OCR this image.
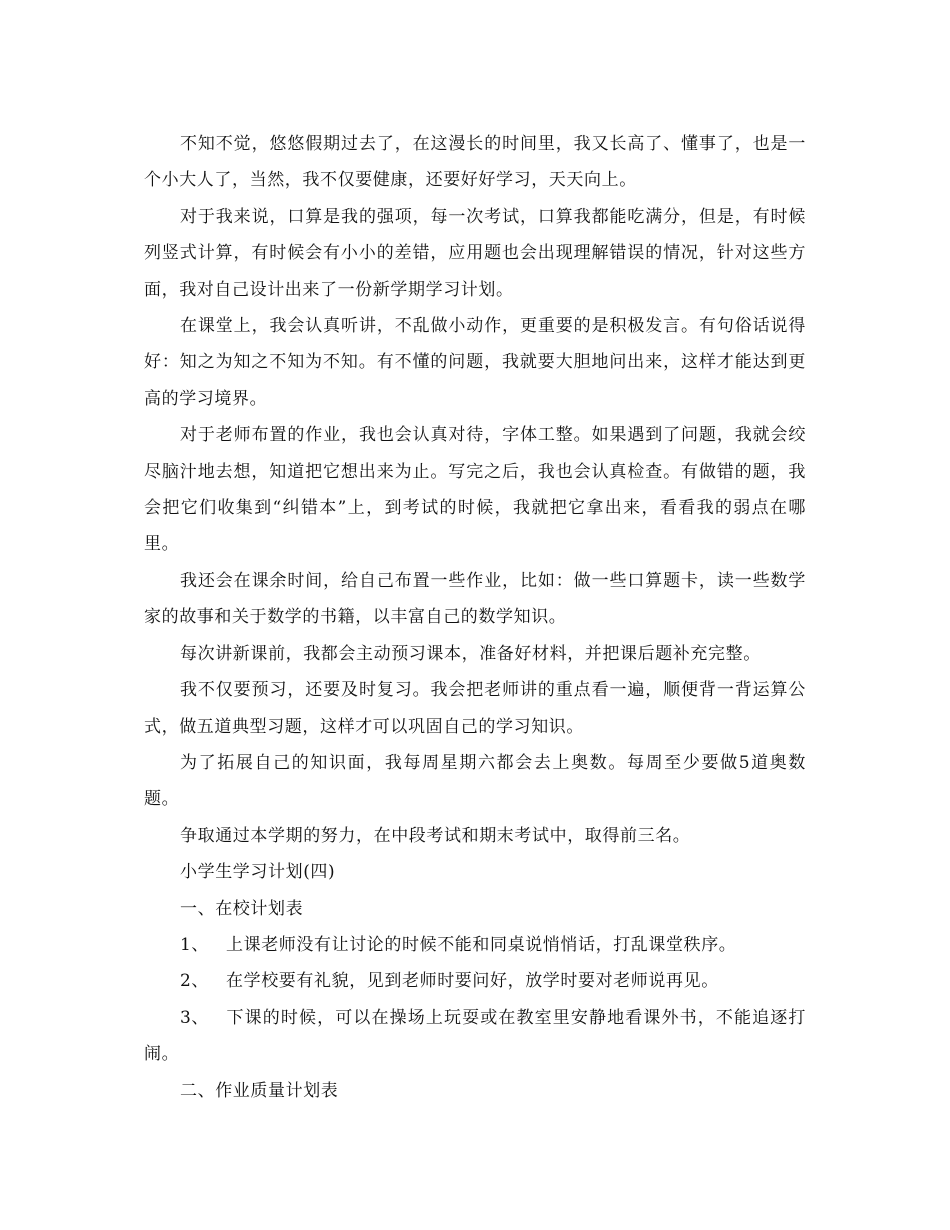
不知不觉，悠悠假期过去了，在这漫长的时间里，我又长高了、懂事了，也是一个小大人了，当然，我不仅要健康，还要好好学习，天天向上。

对于我来说，口算是我的强项，每一次考试，口算我都能吃满分，但是，有时候列竖式计算，有时候会有小小的差错，应用题也会出现理解错误的情况，针对这些方面，我对自己设计出来了一份新学期学习计划。

在课堂上，我会认真听讲，不乱做小动作，更重要的是积极发言。有句俗话说得好：知之为知之不知为不知。有不懂的问题，我就要大胆地问出来，这样才能达到更高的学习境界。

对于老师布置的作业，我也会认真对待，字体工整。如果遇到了问题，我就会绞尽脑汁地去想，知道把它想出来为止。写完之后，我也会认真检查。有做错的题，我会把它们收集到“纠错本”上，到考试的时候，我就把它拿出来，看看我的弱点在哪里。

我还会在课余时间，给自己布置一些作业，比如：做一些口算题卡，读一些数学家的故事和关于数学的书籍，以丰富自己的数学知识。

每次讲新课前，我都会主动预习课本，准备好材料，并把课后题补充完整。

我不仅要预习，还要及时复习。我会把老师讲的重点看一遍，顺便背一背运算公式，做五道典型习题，这样才可以巩固自己的学习知识。

为了拓展自己的知识面，我每周星期六都会去上奥数。每周至少要做5道奥数题。

争取通过本学期的努力，在中段考试和期末考试中，取得前三名。

小学生学习计划(四)

一、在校计划表

1、 上课老师没有让讨论的时候不能和同桌说悄悄话，打乱课堂秩序。

2、 在学校要有礼貌，见到老师时要问好，放学时要对老师说再见。

3、 下课的时候，可以在操场上玩耍或在教室里安静地看课外书，不能追逐打闹。

二、作业质量计划表
